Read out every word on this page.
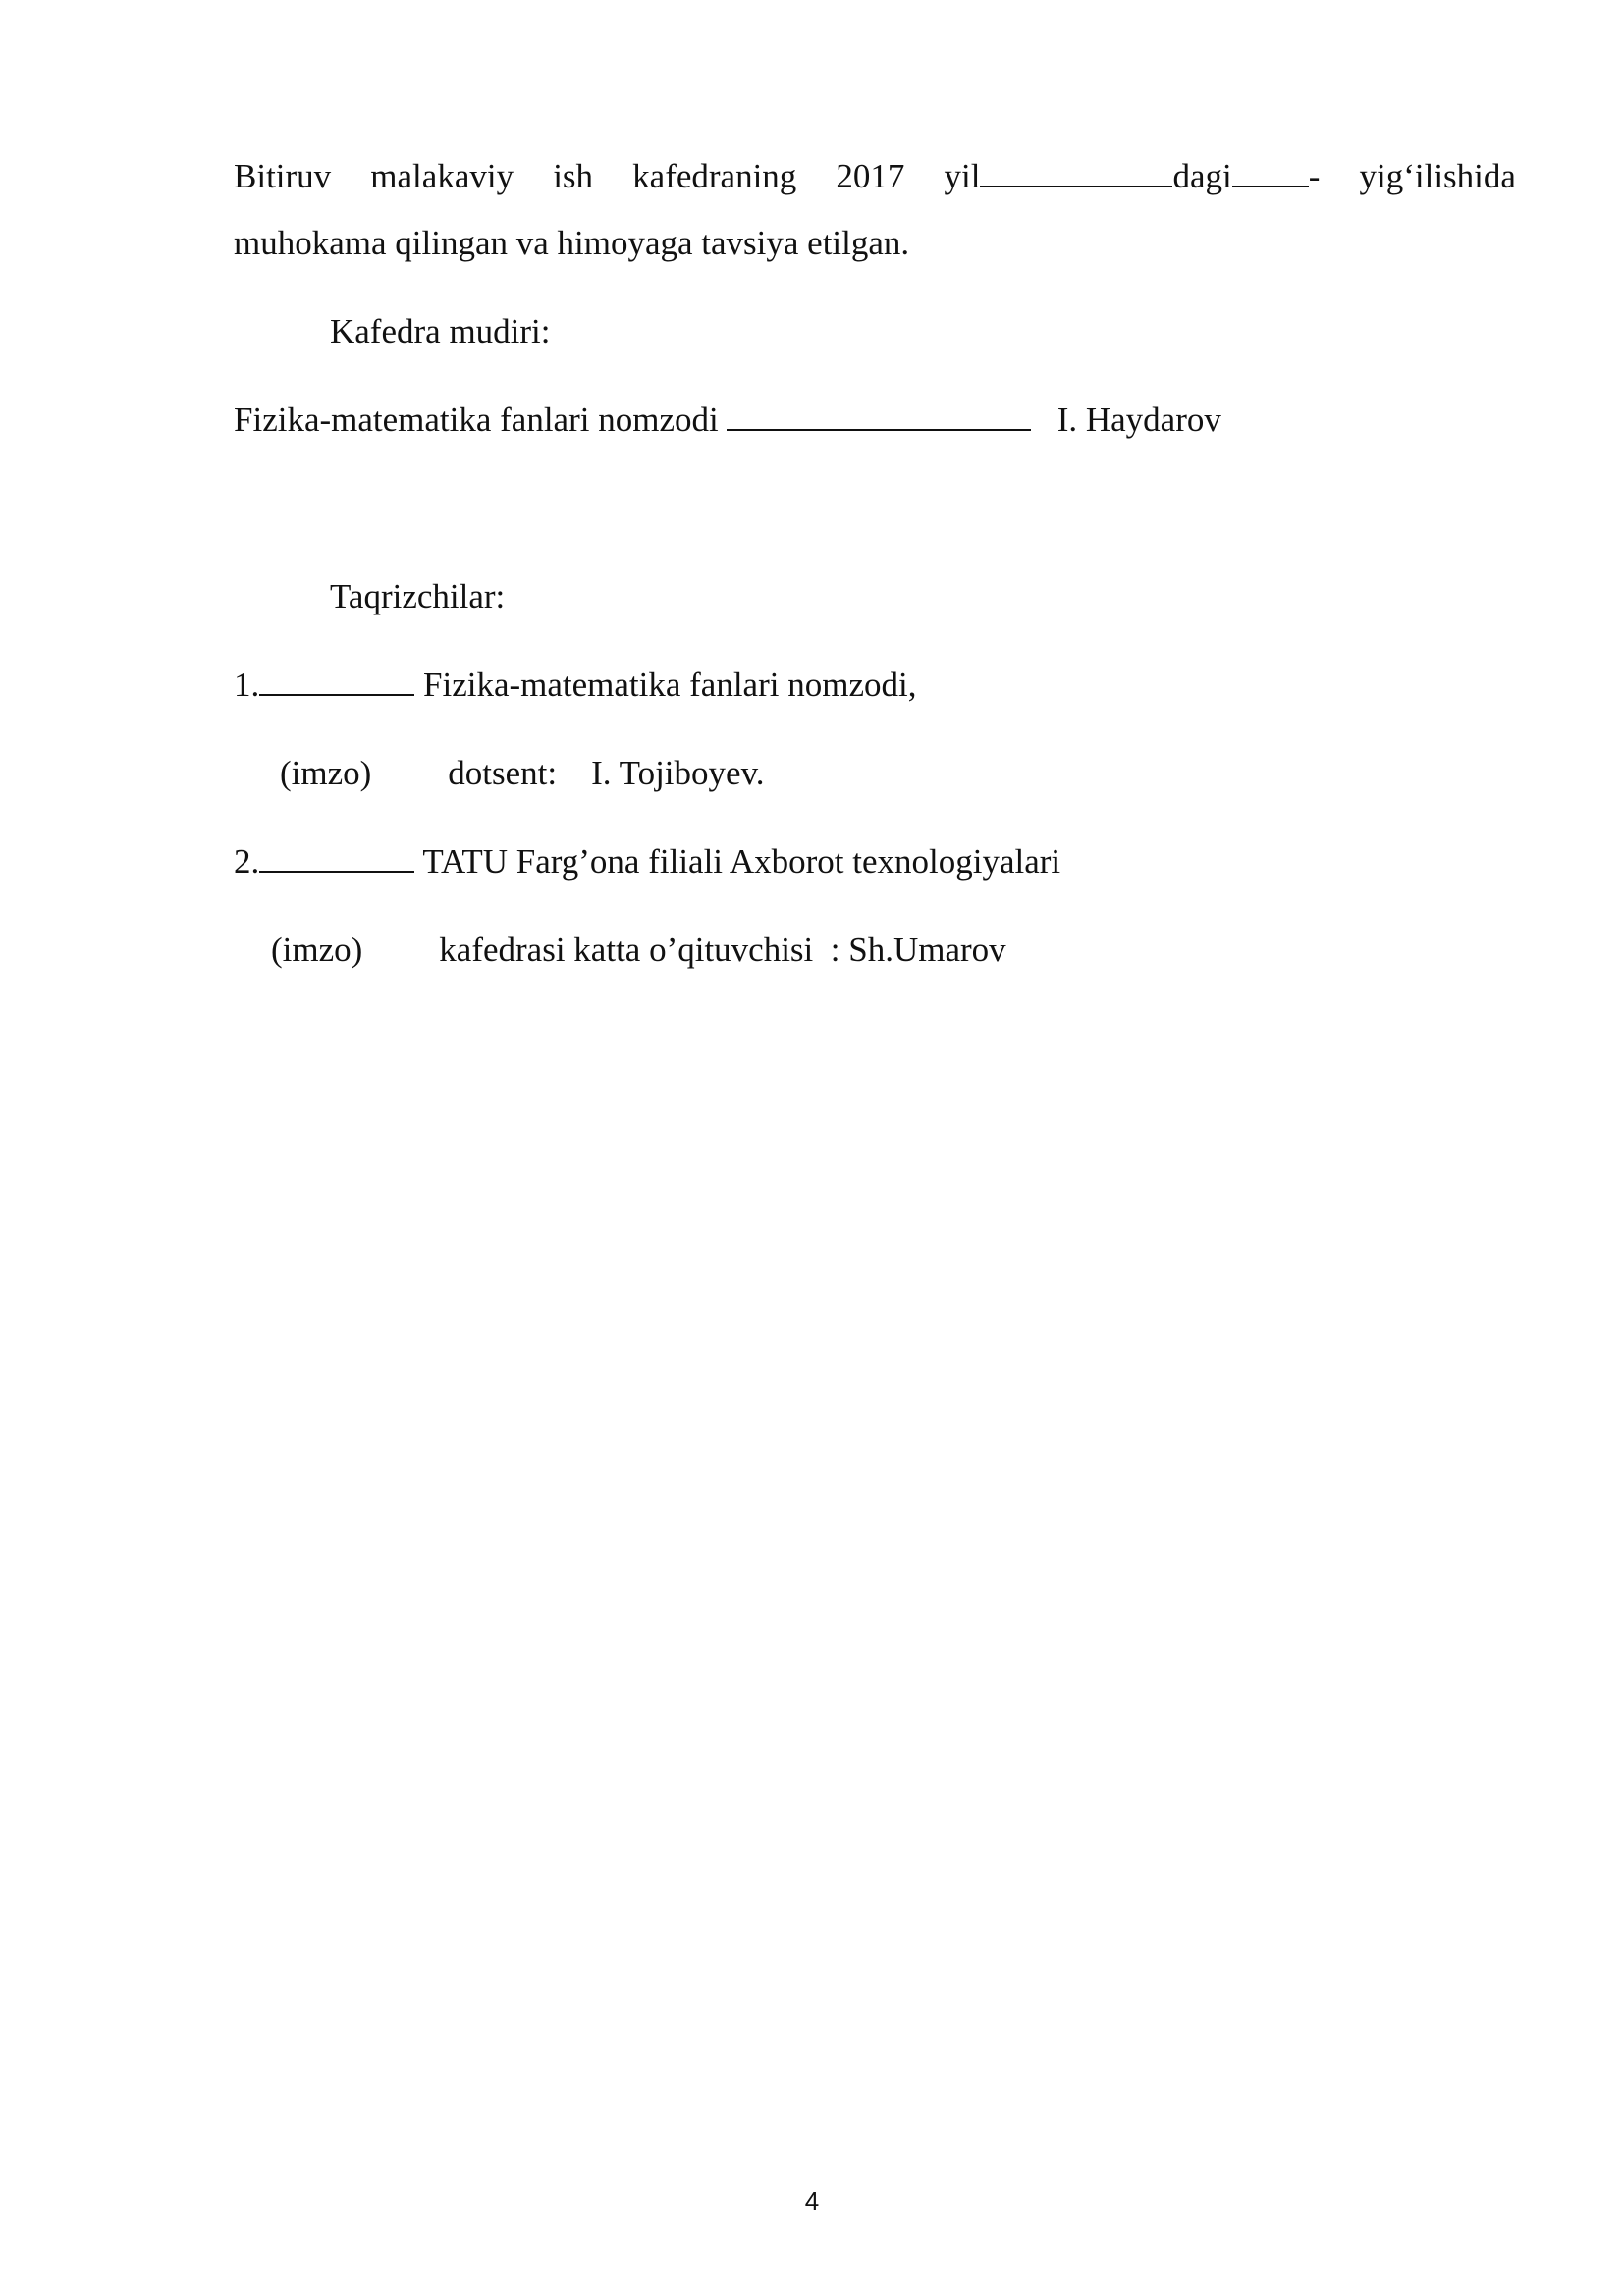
Bitiruv malakaviy ish kafedraning 2017 yil	dagi - yig‘ilishida
muhokama qilingan va himoyaga tavsiya etilgan.
Kafedra mudiri:
Fizika-matematika fanlari nomzodi	I. Haydarov
Taqrizchilar:
1.	Fizika-matematika fanlari nomzodi,
(imzo) dotsent: I. Tojiboyev.
2.	TATU Farg’ona filiali Axborot texnologiyalari
(imzo) kafedrasi katta o’qituvchisi  : Sh.Umarov
4
